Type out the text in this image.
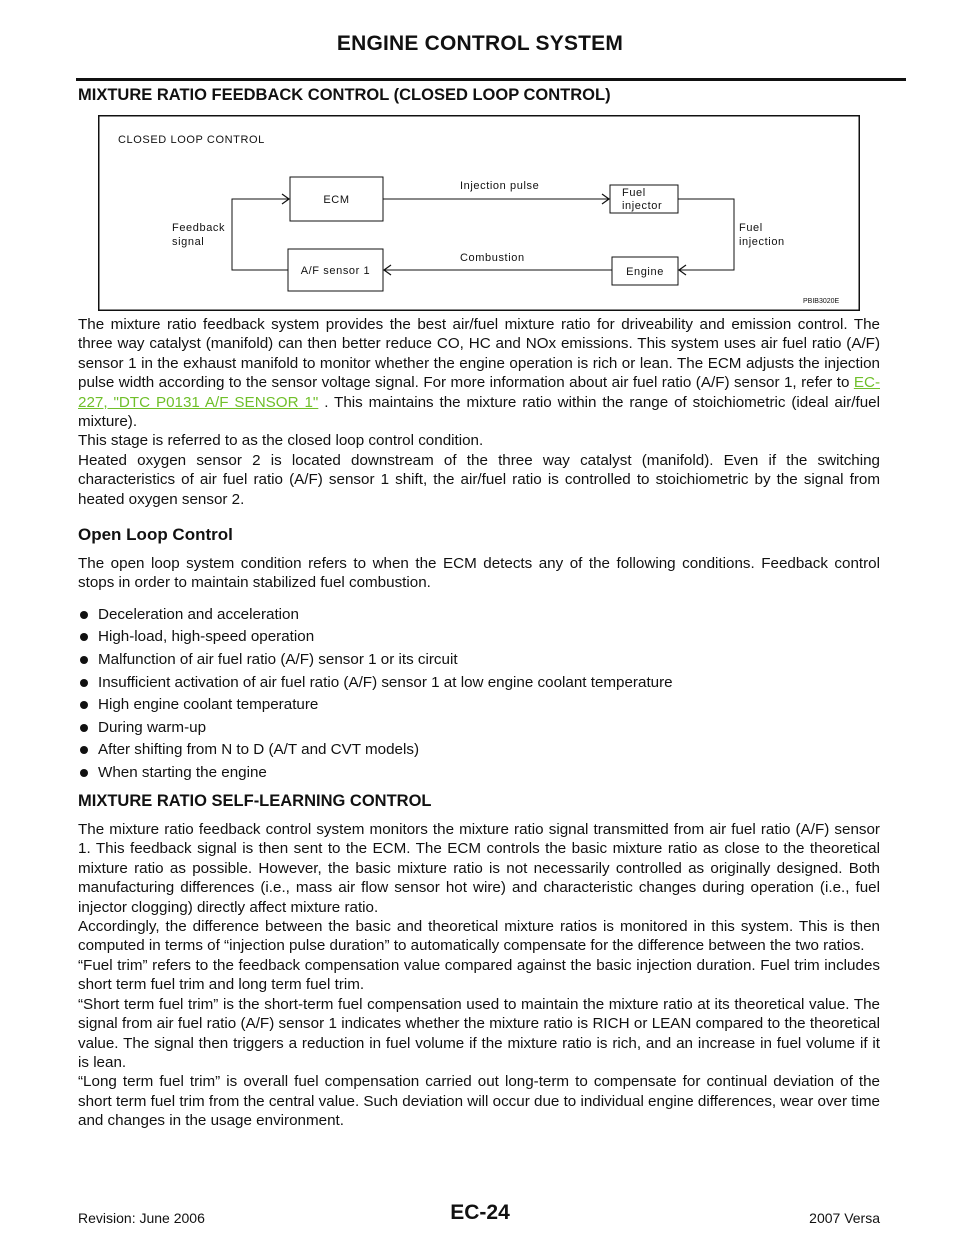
ENGINE CONTROL SYSTEM
MIXTURE RATIO FEEDBACK CONTROL (CLOSED LOOP CONTROL)
CLOSED LOOP CONTROL
ECM
Fuel
injector
A/F sensor 1	Engine
Injection pulse
Combustion
Feedback
signal
Fuel
injection
PBIB3020E

The mixture ratio feedback system provides the best air/fuel mixture ratio for driveability and emission control. The three way catalyst (manifold) can then better reduce CO, HC and NOx emissions. This system uses air fuel ratio (A/F) sensor 1 in the exhaust manifold to monitor whether the engine operation is rich or lean. The ECM adjusts the injection pulse width according to the sensor voltage signal. For more information about air fuel ratio (A/F) sensor 1, refer to EC-227, "DTC P0131 A/F SENSOR 1" . This maintains the mixture ratio within the range of stoichiometric (ideal air/fuel mixture).

This stage is referred to as the closed loop control condition.

Heated oxygen sensor 2 is located downstream of the three way catalyst (manifold). Even if the switching characteristics of air fuel ratio (A/F) sensor 1 shift, the air/fuel ratio is controlled to stoichiometric by the signal from heated oxygen sensor 2.

Open Loop Control

The open loop system condition refers to when the ECM detects any of the following conditions. Feedback control stops in order to maintain stabilized fuel combustion.

Deceleration and acceleration
High-load, high-speed operation
Malfunction of air fuel ratio (A/F) sensor 1 or its circuit
Insufficient activation of air fuel ratio (A/F) sensor 1 at low engine coolant temperature
High engine coolant temperature
During warm-up
After shifting from N to D (A/T and CVT models)
When starting the engine
MIXTURE RATIO SELF-LEARNING CONTROL

The mixture ratio feedback control system monitors the mixture ratio signal transmitted from air fuel ratio (A/F) sensor 1. This feedback signal is then sent to the ECM. The ECM controls the basic mixture ratio as close to the theoretical mixture ratio as possible. However, the basic mixture ratio is not necessarily controlled as originally designed. Both manufacturing differences (i.e., mass air flow sensor hot wire) and characteristic changes during operation (i.e., fuel injector clogging) directly affect mixture ratio.

Accordingly, the difference between the basic and theoretical mixture ratios is monitored in this system. This is then computed in terms of “injection pulse duration” to automatically compensate for the difference between the two ratios.

“Fuel trim” refers to the feedback compensation value compared against the basic injection duration. Fuel trim includes short term fuel trim and long term fuel trim.

“Short term fuel trim” is the short-term fuel compensation used to maintain the mixture ratio at its theoretical value. The signal from air fuel ratio (A/F) sensor 1 indicates whether the mixture ratio is RICH or LEAN compared to the theoretical value. The signal then triggers a reduction in fuel volume if the mixture ratio is rich, and an increase in fuel volume if it is lean.

“Long term fuel trim” is overall fuel compensation carried out long-term to compensate for continual deviation of the short term fuel trim from the central value. Such deviation will occur due to individual engine differences, wear over time and changes in the usage environment.

Revision: June 2006	EC-24	2007 Versa
